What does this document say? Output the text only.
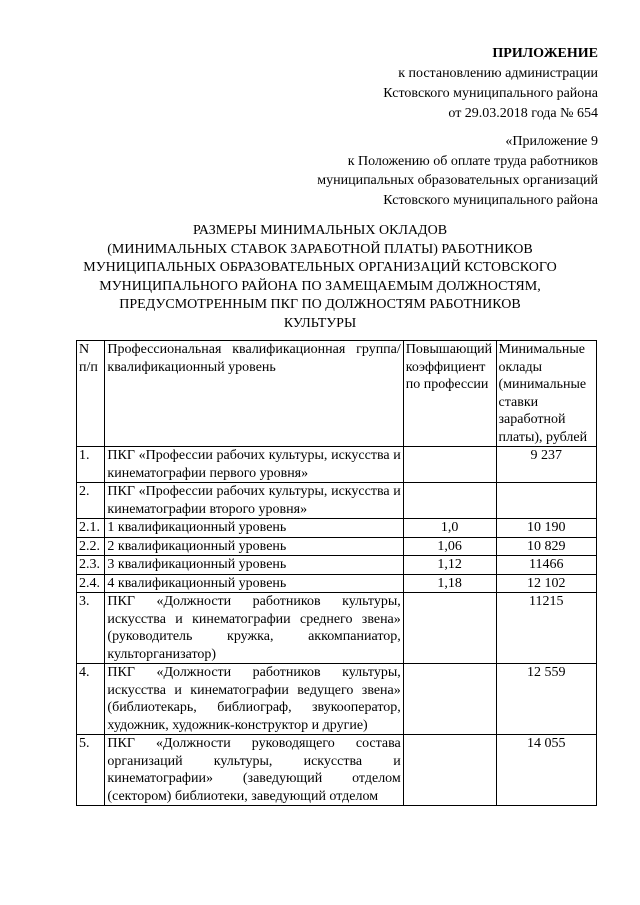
ПРИЛОЖЕНИЕ
к постановлению администрации
Кстовского муниципального района
от 29.03.2018 года № 654
«Приложение 9
к Положению об оплате труда работников
муниципальных образовательных организаций
Кстовского муниципального района
РАЗМЕРЫ МИНИМАЛЬНЫХ ОКЛАДОВ
(МИНИМАЛЬНЫХ СТАВОК ЗАРАБОТНОЙ ПЛАТЫ) РАБОТНИКОВ
МУНИЦИПАЛЬНЫХ ОБРАЗОВАТЕЛЬНЫХ ОРГАНИЗАЦИЙ КСТОВСКОГО
МУНИЦИПАЛЬНОГО РАЙОНА ПО ЗАМЕЩАЕМЫМ ДОЛЖНОСТЯМ,
ПРЕДУСМОТРЕННЫМ ПКГ ПО ДОЛЖНОСТЯМ РАБОТНИКОВ
КУЛЬТУРЫ
N п/п	Профессиональная квалификационная группа/квалификационный уровень	Повышающий коэффициент по профессии	Минимальные оклады (минимальные ставки заработной платы), рублей
1.	ПКГ «Профессии рабочих культуры, искусства и кинематографии первого уровня»		9 237
2.	ПКГ «Профессии рабочих культуры, искусства и кинематографии второго уровня»		
2.1.	1 квалификационный уровень	1,0	10 190
2.2.	2 квалификационный уровень	1,06	10 829
2.3.	3 квалификационный уровень	1,12	11466
2.4.	4 квалификационный уровень	1,18	12 102
3.	ПКГ «Должности работников культуры, искусства и кинематографии среднего звена» (руководитель кружка, аккомпаниатор, культорганизатор)		11215
4.	ПКГ «Должности работников культуры, искусства и кинематографии ведущего звена» (библиотекарь, библиограф, звукооператор, художник, художник-конструктор и другие)		12 559
5.	ПКГ «Должности руководящего состава организаций культуры, искусства и кинематографии» (заведующий отделом (сектором) библиотеки, заведующий отделом		14 055
